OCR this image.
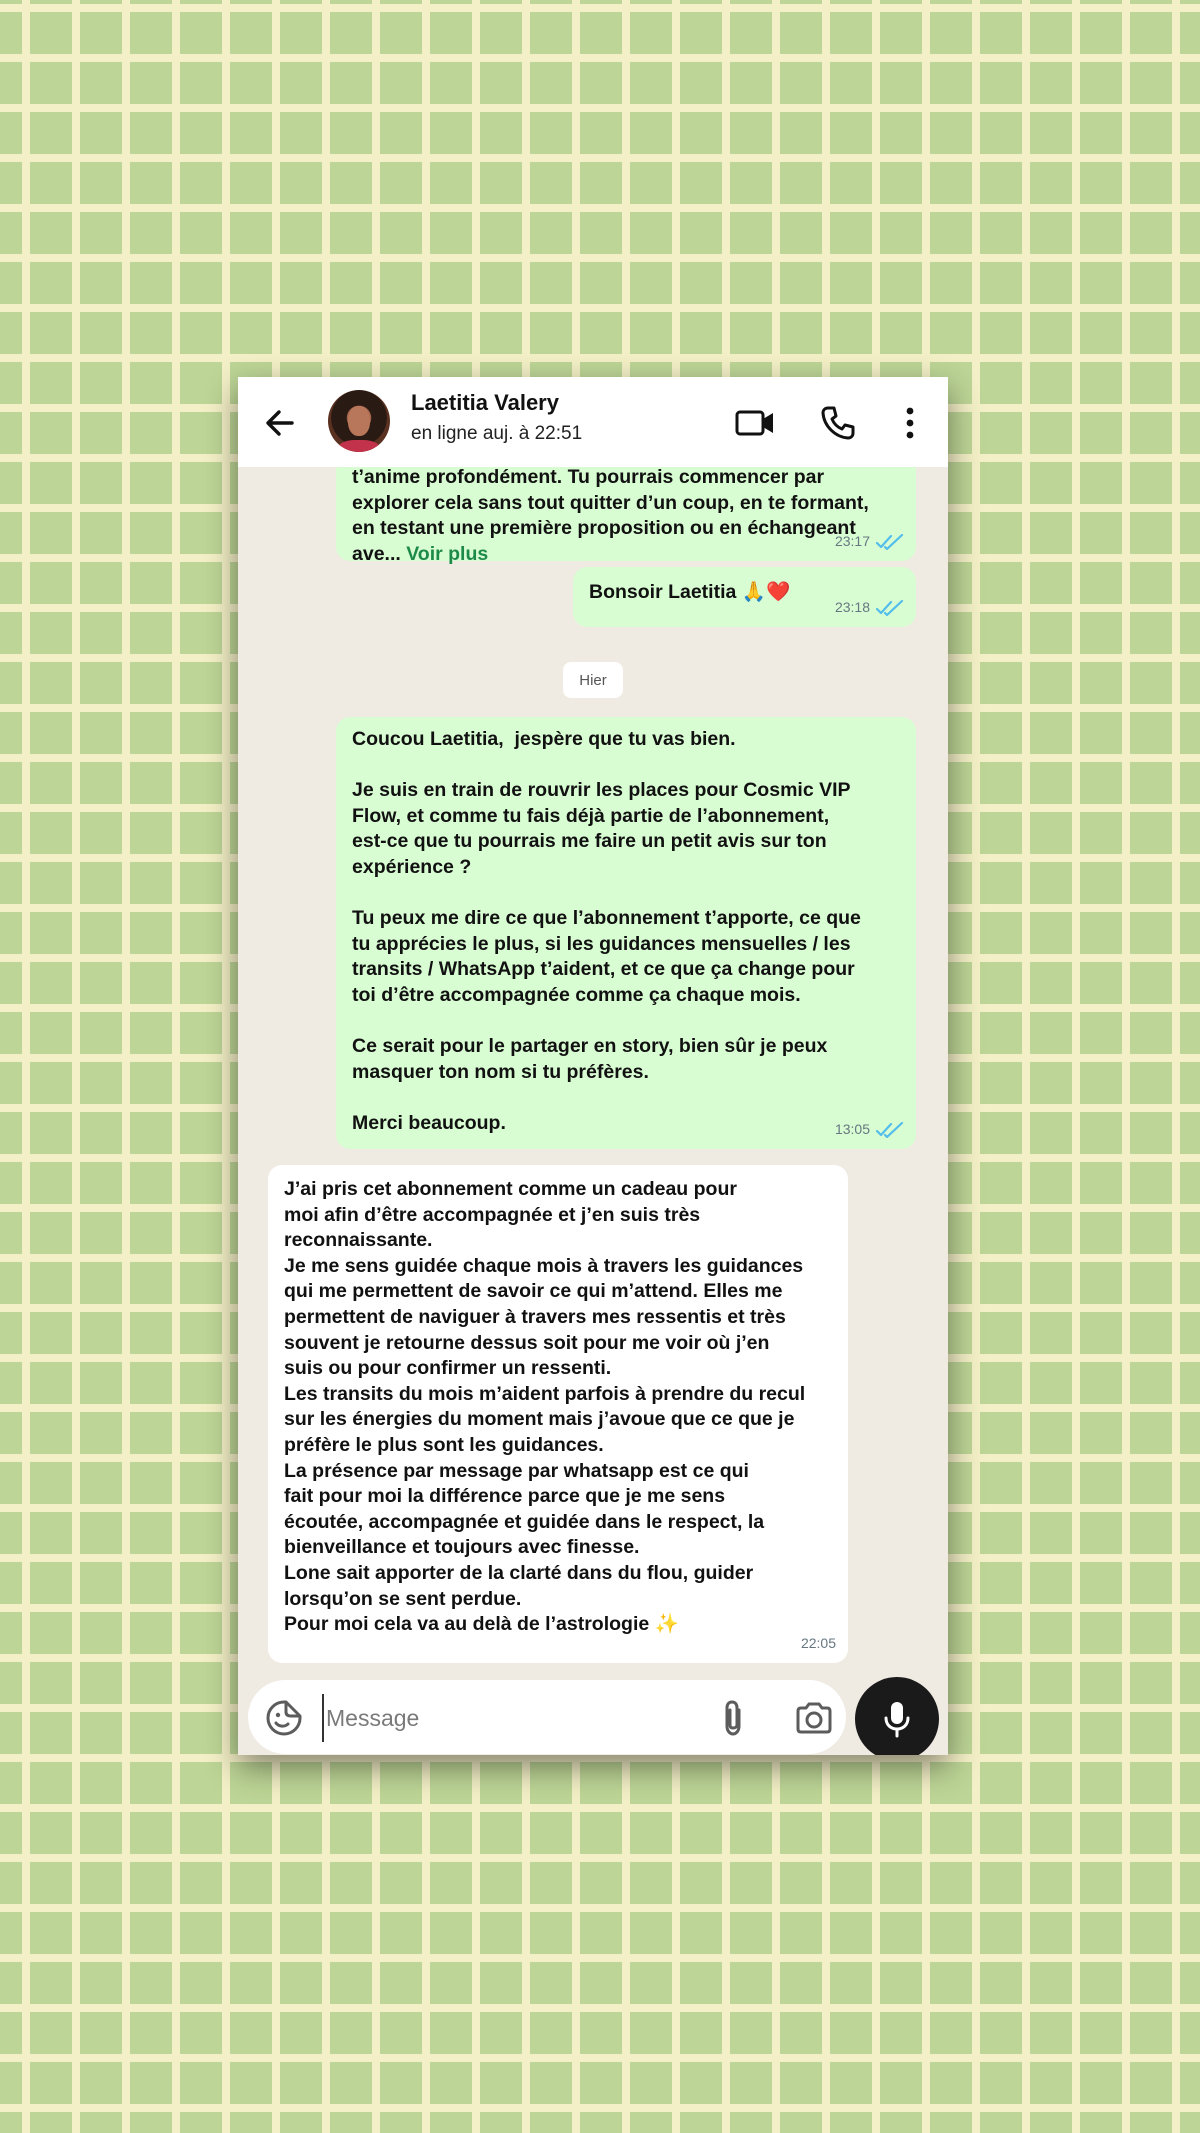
Laetitia Valery
en ligne auj. à 22:51
t’anime profondément. Tu pourrais commencer par
explorer cela sans tout quitter d’un coup, en te formant,
en testant une première proposition ou en échangeant
ave... Voir plus
23:17
Bonsoir Laetitia 🙏❤️
23:18
Hier
Coucou Laetitia,  jespère que tu vas bien.

Je suis en train de rouvrir les places pour Cosmic VIP
Flow, et comme tu fais déjà partie de l’abonnement,
est-ce que tu pourrais me faire un petit avis sur ton
expérience ?

Tu peux me dire ce que l’abonnement t’apporte, ce que
tu apprécies le plus, si les guidances mensuelles / les
transits / WhatsApp t’aident, et ce que ça change pour
toi d’être accompagnée comme ça chaque mois.

Ce serait pour le partager en story, bien sûr je peux
masquer ton nom si tu préfères.

Merci beaucoup.	13:05
J’ai pris cet abonnement comme un cadeau pour
moi afin d’être accompagnée et j’en suis très
reconnaissante.
Je me sens guidée chaque mois à travers les guidances
qui me permettent de savoir ce qui m’attend. Elles me
permettent de naviguer à travers mes ressentis et très
souvent je retourne dessus soit pour me voir où j’en
suis ou pour confirmer un ressenti.
Les transits du mois m’aident parfois à prendre du recul
sur les énergies du moment mais j’avoue que ce que je
préfère le plus sont les guidances.
La présence par message par whatsapp est ce qui
fait pour moi la différence parce que je me sens
écoutée, accompagnée et guidée dans le respect, la
bienveillance et toujours avec finesse.
Lone sait apporter de la clarté dans du flou, guider
lorsqu’on se sent perdue.
Pour moi cela va au delà de l’astrologie ✨
22:05
Message
